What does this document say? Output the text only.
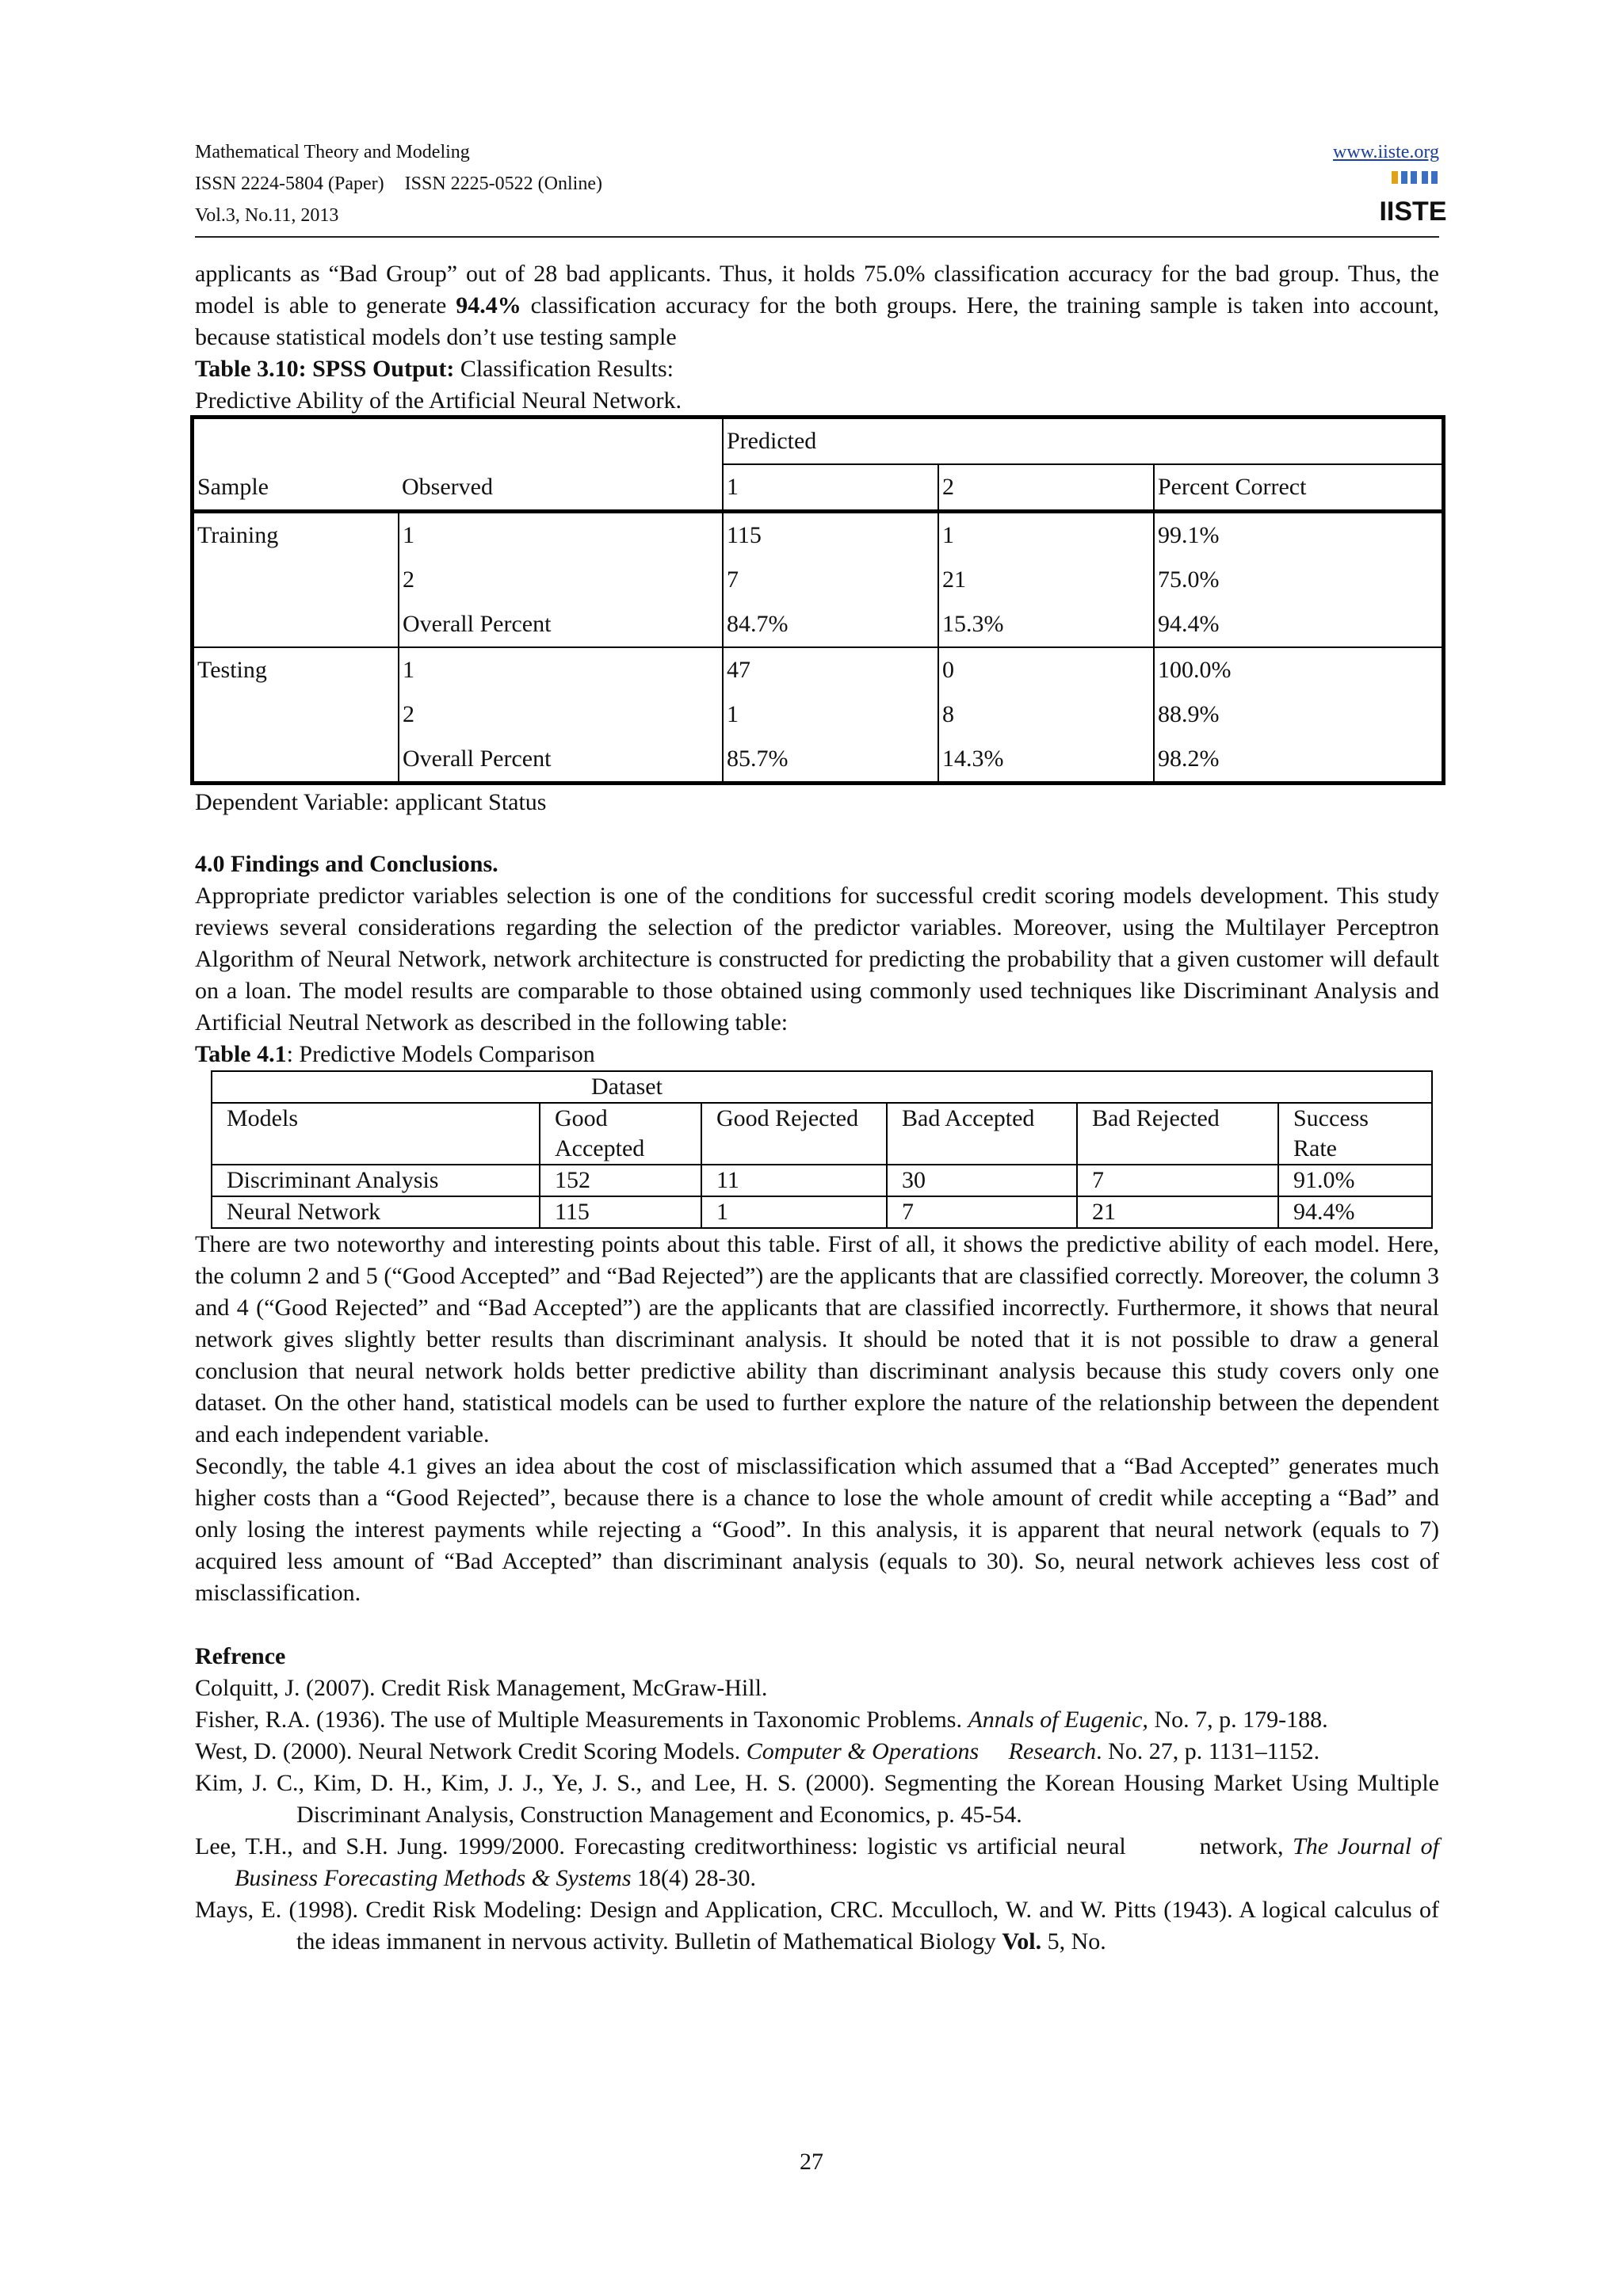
Mathematical Theory and Modeling
ISSN 2224-5804 (Paper) ISSN 2225-0522 (Online)
Vol.3, No.11, 2013
www.iiste.org
IISTE

applicants as “Bad Group” out of 28 bad applicants. Thus, it holds 75.0% classification accuracy for the bad group. Thus, the model is able to generate 94.4% classification accuracy for the both groups. Here, the training sample is taken into account, because statistical models don’t use testing sample

Table 3.10: SPSS Output: Classification Results:

Predictive Ability of the Artificial Neural Network.

		Predicted		
Sample	Observed	1	2	Percent Correct
Training	1	115	1	99.1%
	2	7	21	75.0%
	Overall Percent	84.7%	15.3%	94.4%
Testing	1	47	0	100.0%
	2	1	8	88.9%
	Overall Percent	85.7%	14.3%	98.2%

Dependent Variable: applicant Status

4.0 Findings and Conclusions.

Appropriate predictor variables selection is one of the conditions for successful credit scoring models development. This study reviews several considerations regarding the selection of the predictor variables. Moreover, using the Multilayer Perceptron Algorithm of Neural Network, network architecture is constructed for predicting the probability that a given customer will default on a loan. The model results are comparable to those obtained using commonly used techniques like Discriminant Analysis and Artificial Neutral Network as described in the following table:

Table 4.1: Predictive Models Comparison

Dataset					
Models	Good Accepted	Good Rejected	Bad Accepted	Bad Rejected	Success Rate
Discriminant Analysis	152	11	30	7	91.0%
Neural Network	115	1	7	21	94.4%

There are two noteworthy and interesting points about this table. First of all, it shows the predictive ability of each model. Here, the column 2 and 5 (“Good Accepted” and “Bad Rejected”) are the applicants that are classified correctly. Moreover, the column 3 and 4 (“Good Rejected” and “Bad Accepted”) are the applicants that are classified incorrectly. Furthermore, it shows that neural network gives slightly better results than discriminant analysis. It should be noted that it is not possible to draw a general conclusion that neural network holds better predictive ability than discriminant analysis because this study covers only one dataset. On the other hand, statistical models can be used to further explore the nature of the relationship between the dependent and each independent variable.

Secondly, the table 4.1 gives an idea about the cost of misclassification which assumed that a “Bad Accepted” generates much higher costs than a “Good Rejected”, because there is a chance to lose the whole amount of credit while accepting a “Bad” and only losing the interest payments while rejecting a “Good”. In this analysis, it is apparent that neural network (equals to 7) acquired less amount of “Bad Accepted” than discriminant analysis (equals to 30). So, neural network achieves less cost of misclassification.

Refrence

Colquitt, J. (2007). Credit Risk Management, McGraw-Hill.

Fisher, R.A. (1936). The use of Multiple Measurements in Taxonomic Problems. Annals of Eugenic, No. 7, p. 179-188.

West, D. (2000). Neural Network Credit Scoring Models. Computer & Operations     Research. No. 27, p. 1131–1152.

Kim, J. C., Kim, D. H., Kim, J. J., Ye, J. S., and Lee, H. S. (2000). Segmenting the Korean Housing Market Using Multiple Discriminant Analysis, Construction Management and Economics, p. 45-54.

Lee, T.H., and S.H. Jung. 1999/2000. Forecasting creditworthiness: logistic vs artificial neural        network, The Journal of Business Forecasting Methods & Systems 18(4) 28-30.

Mays, E. (1998). Credit Risk Modeling: Design and Application, CRC. Mcculloch, W. and W. Pitts (1943). A logical calculus of the ideas immanent in nervous activity. Bulletin of Mathematical Biology Vol. 5, No.

27
